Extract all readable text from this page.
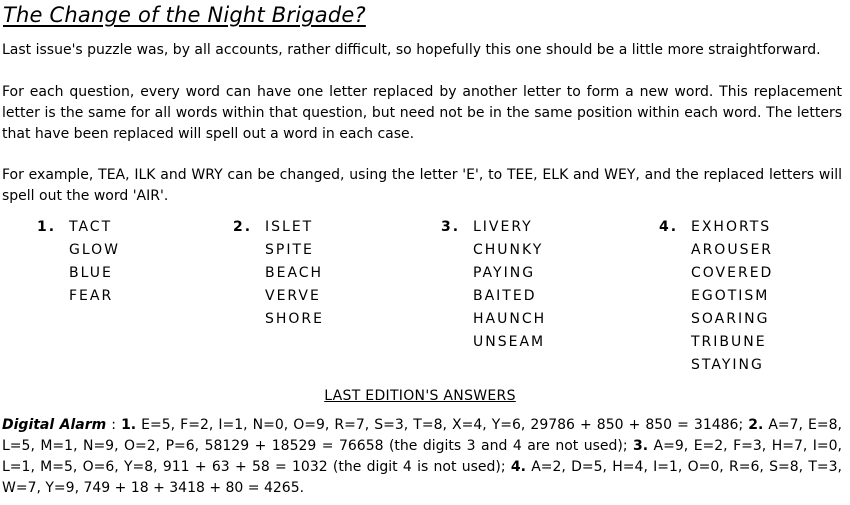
The Change of the Night Brigade?
Last issue's puzzle was, by all accounts, rather difficult, so hopefully this one should be a little more straightforward.
For each question, every word can have one letter replaced by another letter to form a new word. This replacement letter is the same for all words within that question, but need not be in the same position within each word. The letters that have been replaced will spell out a word in each case.
For example, TEA, ILK and WRY can be changed, using the letter 'E', to TEE, ELK and WEY, and the replaced letters will spell out the word 'AIR'.
1. TACT
GLOW
BLUE
FEAR
2. ISLET
SPITE
BEACH
VERVE
SHORE
3. LIVERY
CHUNKY
PAYING
BAITED
HAUNCH
UNSEAM
4. EXHORTS
AROUSER
COVERED
EGOTISM
SOARING
TRIBUNE
STAYING
LAST EDITION'S ANSWERS
Digital Alarm : 1. E=5, F=2, I=1, N=0, O=9, R=7, S=3, T=8, X=4, Y=6, 29786 + 850 + 850 = 31486; 2. A=7, E=8, L=5, M=1, N=9, O=2, P=6, 58129 + 18529 = 76658 (the digits 3 and 4 are not used); 3. A=9, E=2, F=3, H=7, I=0, L=1, M=5, O=6, Y=8, 911 + 63 + 58 = 1032 (the digit 4 is not used); 4. A=2, D=5, H=4, I=1, O=0, R=6, S=8, T=3, W=7, Y=9, 749 + 18 + 3418 + 80 = 4265.
